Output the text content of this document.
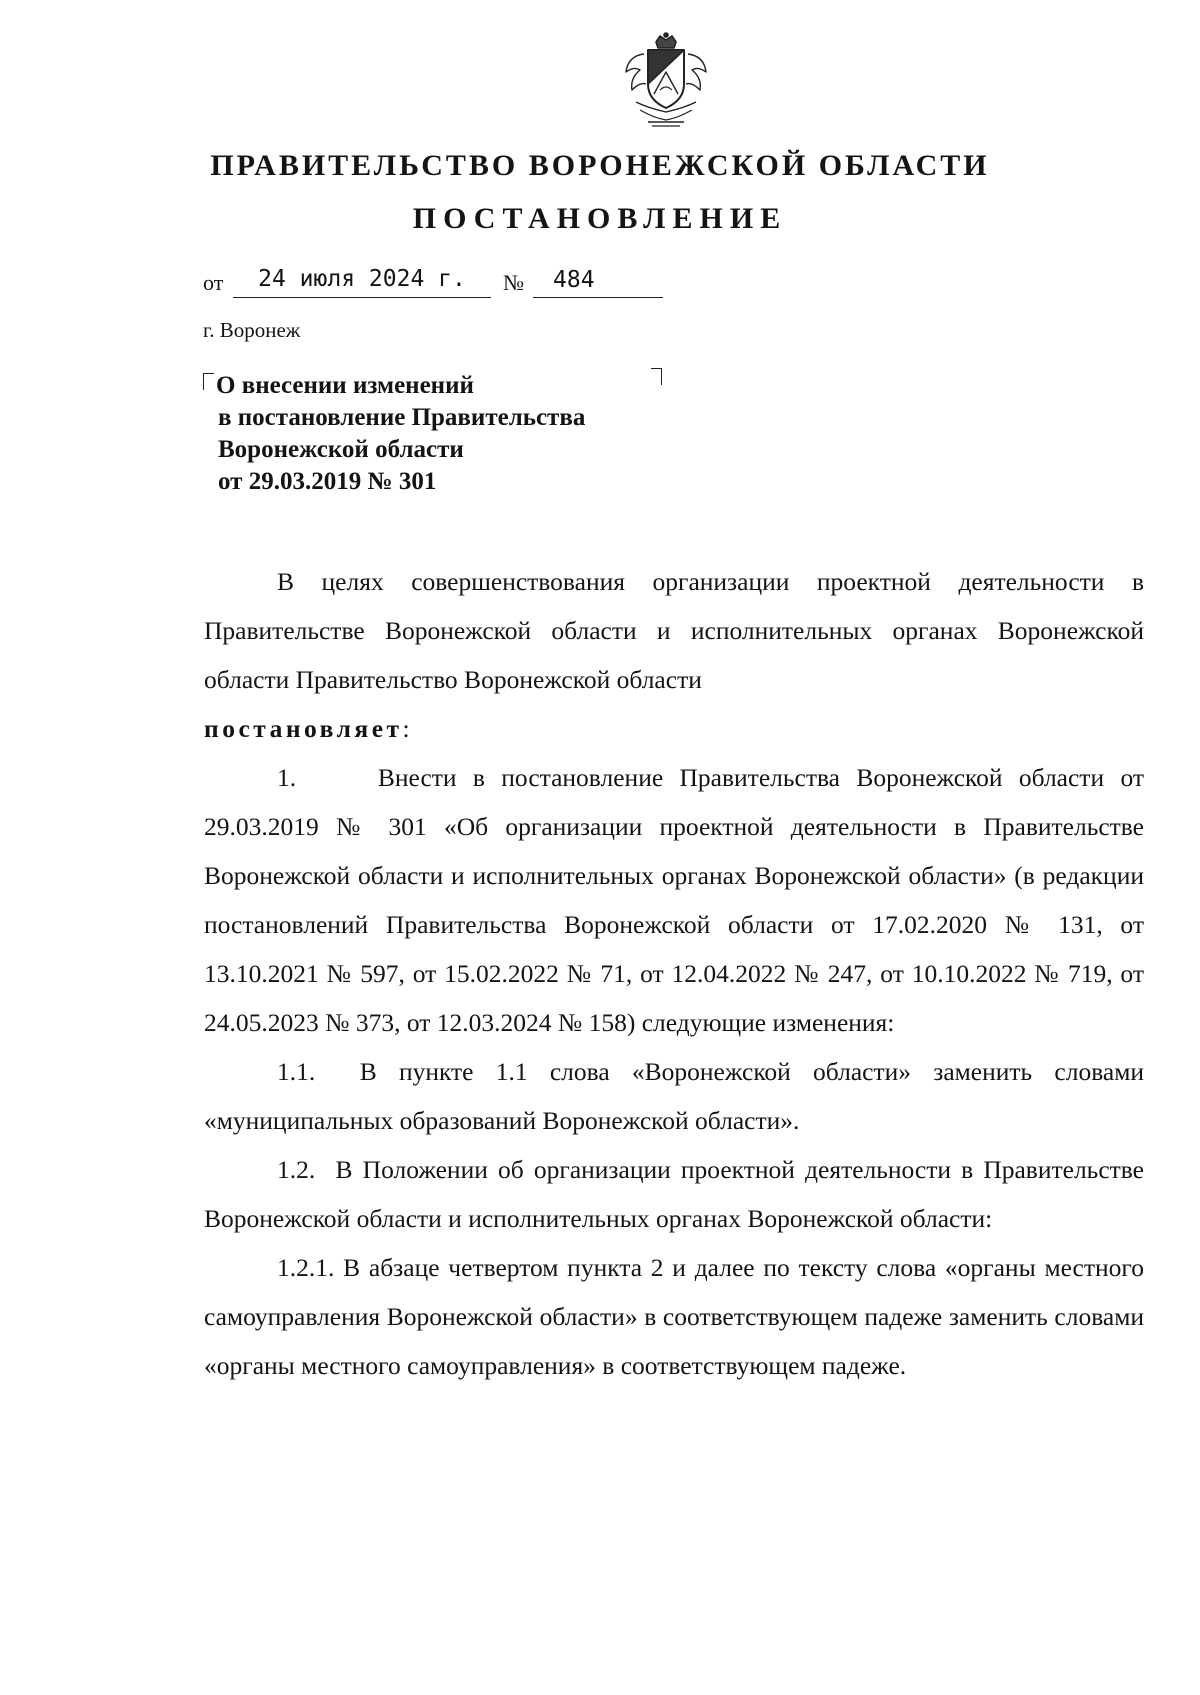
ПРАВИТЕЛЬСТВО ВОРОНЕЖСКОЙ ОБЛАСТИ
ПОСТАНОВЛЕНИЕ
от	24 июля 2024 г.	№	484
г. Воронеж
О внесении изменений
в постановление Правительства
Воронежской области
от 29.03.2019 № 301

В целях совершенствования организации проектной деятельности в Правительстве Воронежской области и исполнительных органах Воронежской области Правительство Воронежской области

постановляет:

1.     Внести в постановление Правительства Воронежской области от 29.03.2019 № 301 «Об организации проектной деятельности в Правительстве Воронежской области и исполнительных органах Воронежской области» (в редакции постановлений Правительства Воронежской области от 17.02.2020 № 131, от 13.10.2021 № 597, от 15.02.2022 № 71, от 12.04.2022 № 247, от 10.10.2022 № 719, от 24.05.2023 № 373, от 12.03.2024 № 158) следующие изменения:

1.1.  В пункте 1.1 слова «Воронежской области» заменить словами «муниципальных образований Воронежской области».

1.2.  В Положении об организации проектной деятельности в Правительстве Воронежской области и исполнительных органах Воронежской области:

1.2.1. В абзаце четвертом пункта 2 и далее по тексту слова «органы местного самоуправления Воронежской области» в соответствующем падеже заменить словами «органы местного самоуправления» в соответствующем падеже.
